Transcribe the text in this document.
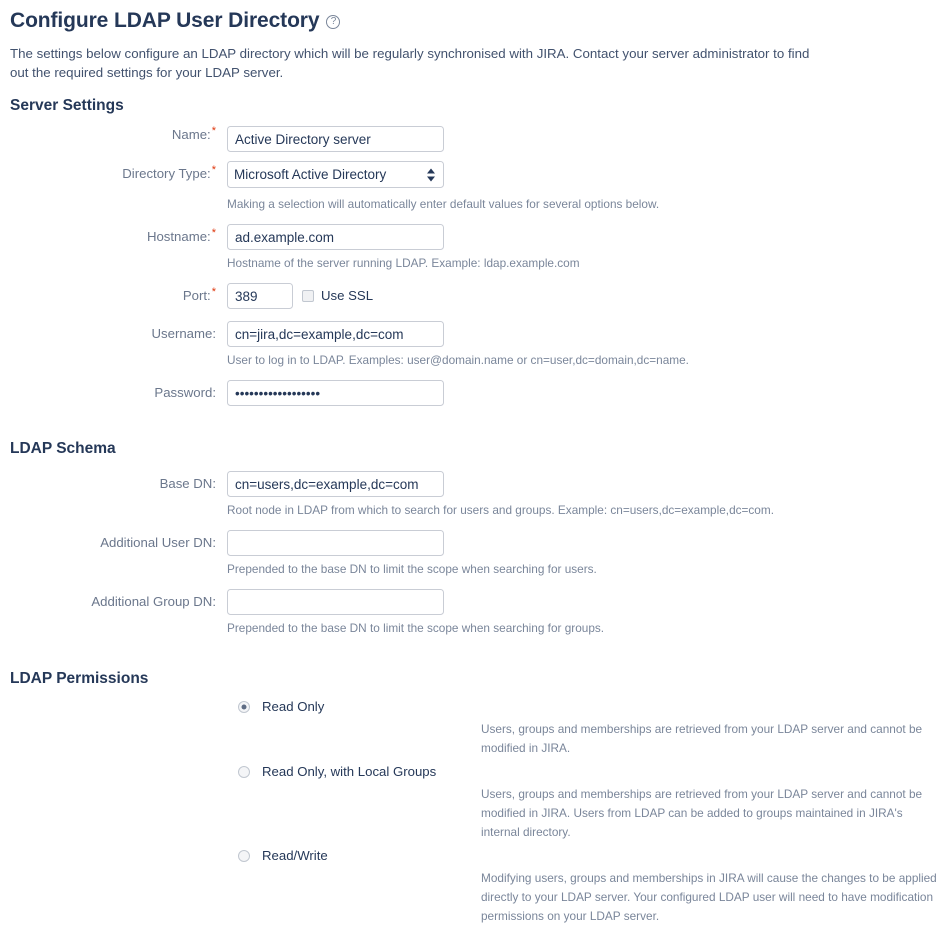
Configure LDAP User Directory	?

The settings below configure an LDAP directory which will be regularly synchronised with JIRA. Contact your server administrator to find out the required settings for your LDAP server.

Server Settings
Name:*
Active Directory server
Directory Type:*
Microsoft Active Directory
Making a selection will automatically enter default values for several options below.
Hostname:*
ad.example.com
Hostname of the server running LDAP. Example: ldap.example.com
Port:*
389	Use SSL
Username:
cn=jira,dc=example,dc=com
User to log in to LDAP. Examples: user@domain.name or cn=user,dc=domain,dc=name.
Password:
••••••••••••••••••
LDAP Schema
Base DN:
cn=users,dc=example,dc=com
Root node in LDAP from which to search for users and groups. Example: cn=users,dc=example,dc=com.
Additional User DN:
Prepended to the base DN to limit the scope when searching for users.
Additional Group DN:
Prepended to the base DN to limit the scope when searching for groups.
LDAP Permissions
Read Only
Users, groups and memberships are retrieved from your LDAP server and cannot be modified in JIRA.
Read Only, with Local Groups
Users, groups and memberships are retrieved from your LDAP server and cannot be modified in JIRA. Users from LDAP can be added to groups maintained in JIRA's internal directory.
Read/Write
Modifying users, groups and memberships in JIRA will cause the changes to be applied directly to your LDAP server. Your configured LDAP user will need to have modification permissions on your LDAP server.
